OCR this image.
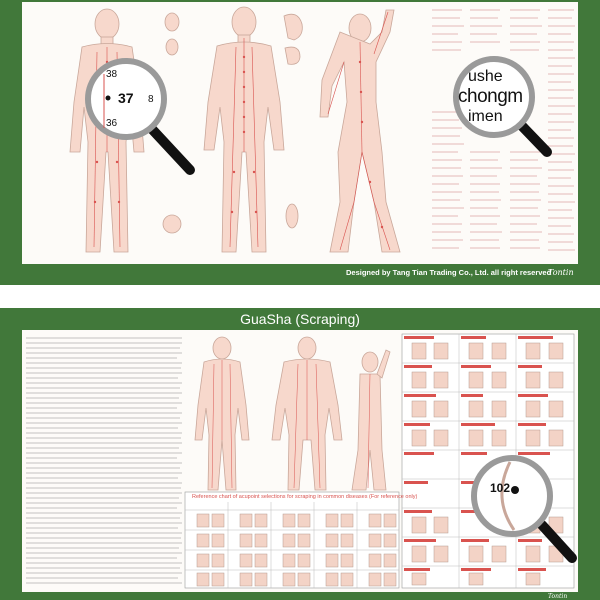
38
37
36
8
ushe
chongm
imen
Designed by Tang Tian Trading Co., Ltd. all right reserved
Tontin
GuaSha (Scraping)
Reference chart of acupoint selections for scraping in common diseases (For reference only)
102
Tontin
